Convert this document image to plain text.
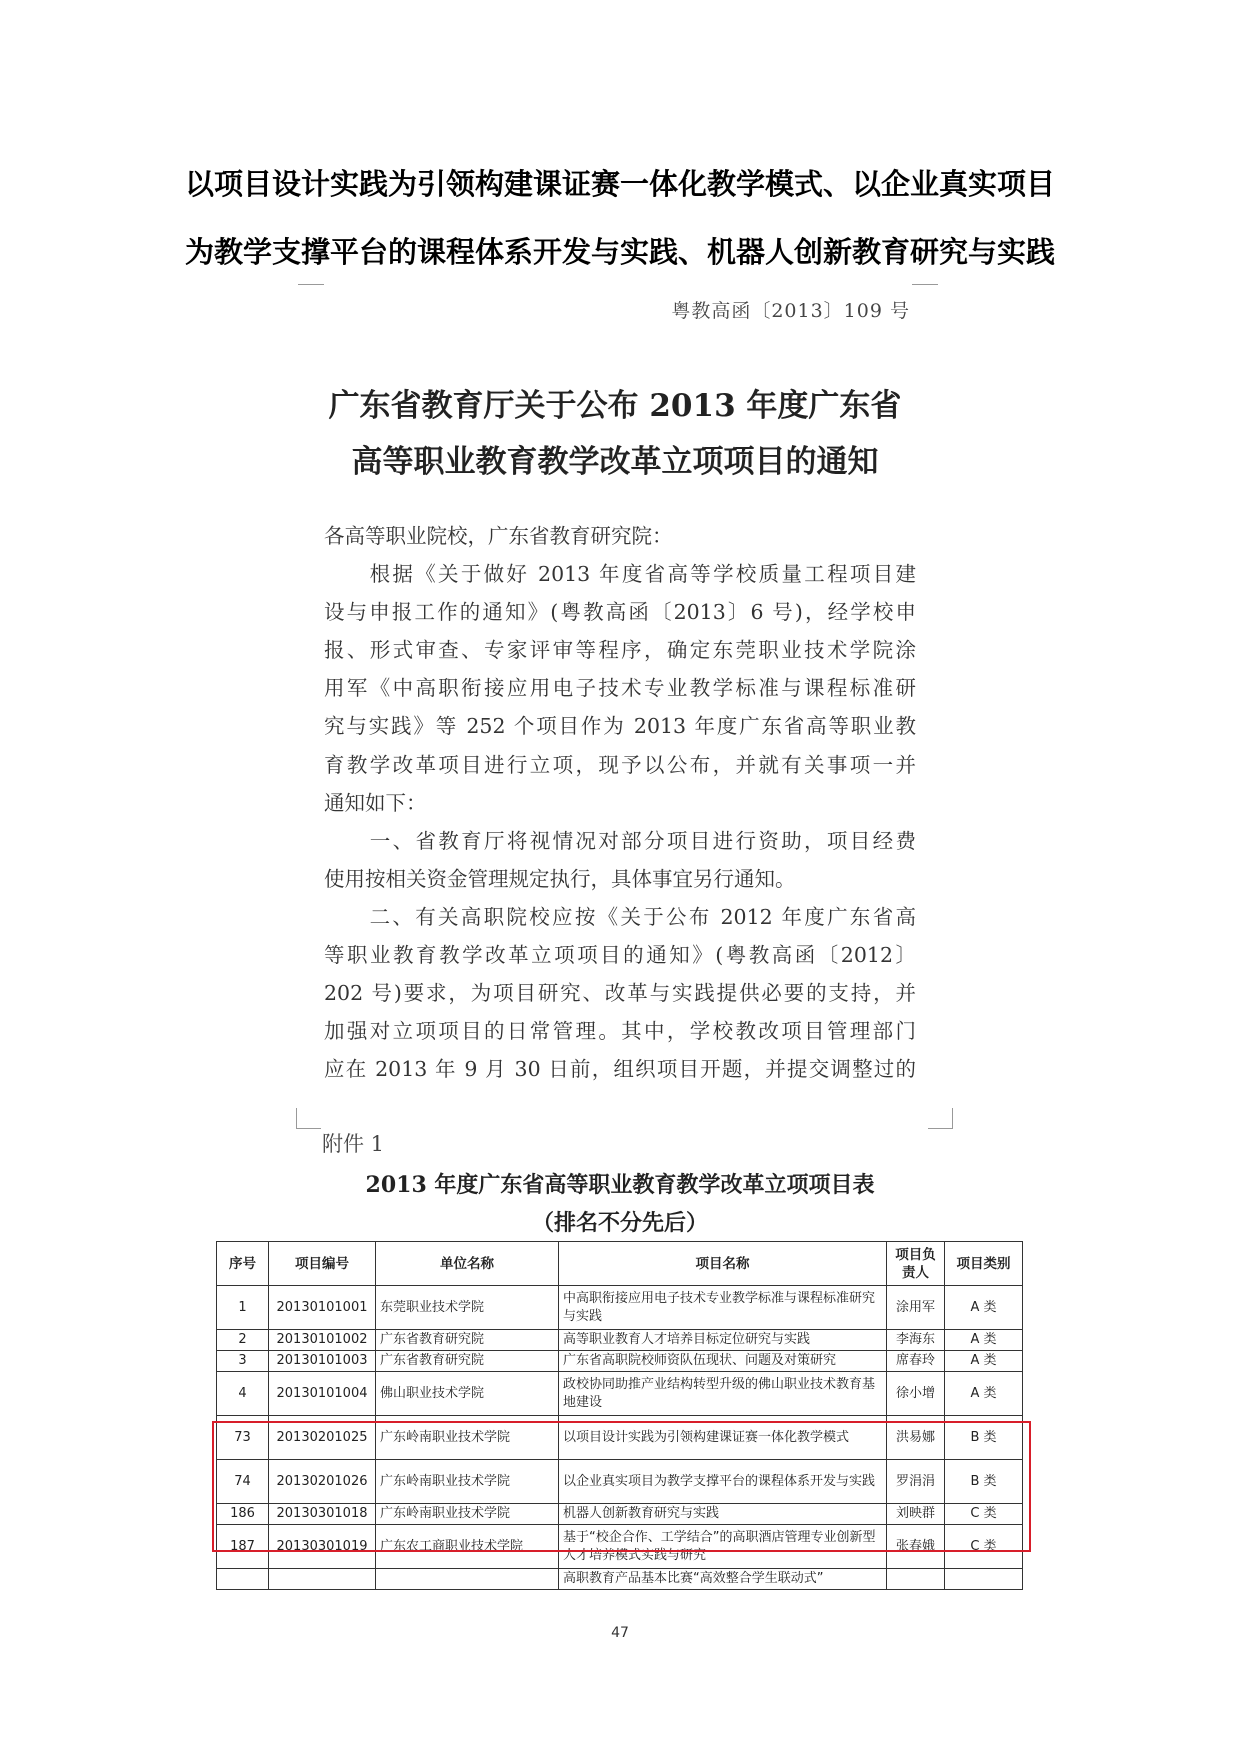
以项目设计实践为引领构建课证赛一体化教学模式、以企业真实项目
为教学支撑平台的课程体系开发与实践、机器人创新教育研究与实践
粤教高函〔2013〕109 号
广东省教育厅关于公布 2013 年度广东省
高等职业教育教学改革立项项目的通知
各高等职业院校，广东省教育研究院：
　　根据《关于做好 2013 年度省高等学校质量工程项目建
设与申报工作的通知》(粤教高函〔2013〕6 号)，经学校申
报、形式审查、专家评审等程序，确定东莞职业技术学院涂
用军《中高职衔接应用电子技术专业教学标准与课程标准研
究与实践》等 252 个项目作为 2013 年度广东省高等职业教
育教学改革项目进行立项，现予以公布，并就有关事项一并
通知如下：
　　一、省教育厅将视情况对部分项目进行资助，项目经费
使用按相关资金管理规定执行，具体事宜另行通知。
　　二、有关高职院校应按《关于公布 2012 年度广东省高
等职业教育教学改革立项项目的通知》(粤教高函〔2012〕
202 号)要求，为项目研究、改革与实践提供必要的支持，并
加强对立项项目的日常管理。其中，学校教改项目管理部门
应在 2013 年 9 月 30 日前，组织项目开题，并提交调整过的
附件 1
2013 年度广东省高等职业教育教学改革立项项目表
（排名不分先后）
序号	项目编号	单位名称	项目名称	项目负责人	项目类别
1	20130101001	东莞职业技术学院	中高职衔接应用电子技术专业教学标准与课程标准研究与实践	涂用军	A 类
2	20130101002	广东省教育研究院	高等职业教育人才培养目标定位研究与实践	李海东	A 类
3	20130101003	广东省教育研究院	广东省高职院校师资队伍现状、问题及对策研究	席春玲	A 类
4	20130101004	佛山职业技术学院	政校协同助推产业结构转型升级的佛山职业技术教育基地建设	徐小增	A 类
73	20130201025	广东岭南职业技术学院	以项目设计实践为引领构建课证赛一体化教学模式	洪易娜	B 类
74	20130201026	广东岭南职业技术学院	以企业真实项目为教学支撑平台的课程体系开发与实践	罗涓涓	B 类
186	20130301018	广东岭南职业技术学院	机器人创新教育研究与实践	刘映群	C 类
187	20130301019	广东农工商职业技术学院	基于“校企合作、工学结合”的高职酒店管理专业创新型人才培养模式实践与研究	张春娥	C 类
			高职教育产品基本比赛“高效整合学生联动式”		
47
